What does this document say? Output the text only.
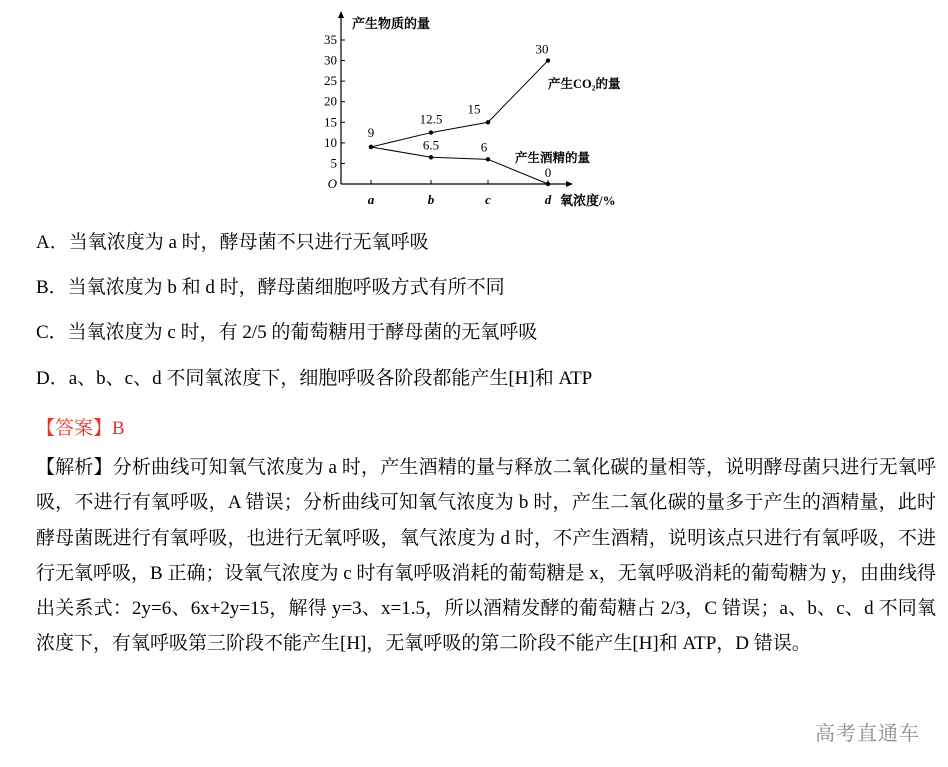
35
30
25
20
15
10
5
O
a	b	c	d
9
12.5
15
30
产生CO₂的量
6.5	6
0
产生酒精的量
产生物质的量
氧浓度/%
A．当氧浓度为 a 时，酵母菌不只进行无氧呼吸
B．当氧浓度为 b 和 d 时，酵母菌细胞呼吸方式有所不同
C．当氧浓度为 c 时，有 2/5 的葡萄糖用于酵母菌的无氧呼吸
D．a、b、c、d 不同氧浓度下，细胞呼吸各阶段都能产生[H]和 ATP
【答案】B
【解析】分析曲线可知氧气浓度为 a 时，产生酒精的量与释放二氧化碳的量相等，说明酵母菌只进行无氧呼吸，不进行有氧呼吸，A 错误；分析曲线可知氧气浓度为 b 时，产生二氧化碳的量多于产生的酒精量，此时酵母菌既进行有氧呼吸，也进行无氧呼吸，氧气浓度为 d 时，不产生酒精，说明该点只进行有氧呼吸，不进行无氧呼吸，B 正确；设氧气浓度为 c 时有氧呼吸消耗的葡萄糖是 x，无氧呼吸消耗的葡萄糖为 y，由曲线得出关系式：2y=6、6x+2y=15，解得 y=3、x=1.5，所以酒精发酵的葡萄糖占 2/3，C 错误；a、b、c、d 不同氧浓度下，有氧呼吸第三阶段不能产生[H]，无氧呼吸的第二阶段不能产生[H]和 ATP，D 错误。
高考直通车
